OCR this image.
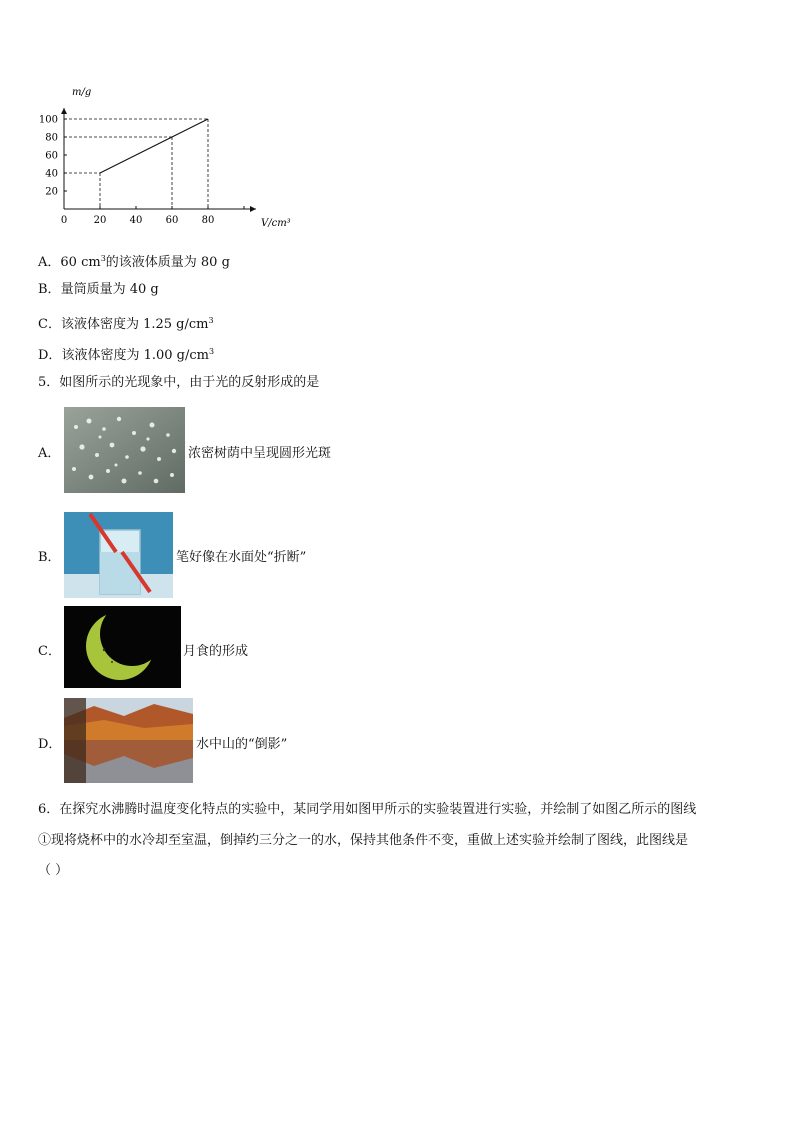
0	20 40 60 80
20
40
60
80
100
m/g
V/cm³
A．60 $cm^3$的该液体质量为 80 g
B．量筒质量为 40 g
C．该液体密度为 1.25 $g/cm^3$
D．该液体密度为 1.00 $g/cm^3$
5．如图所示的光现象中，由于光的反射形成的是
A．	浓密树荫中呈现圆形光斑
B．	笔好像在水面处“折断”
C．	月食的形成
D．	水中山的“倒影”
6．在探究水沸腾时温度变化特点的实验中，某同学用如图甲所示的实验装置进行实验，并绘制了如图乙所示的图线
①现将烧杯中的水冷却至室温，倒掉约三分之一的水，保持其他条件不变，重做上述实验并绘制了图线，此图线是
（ ）
